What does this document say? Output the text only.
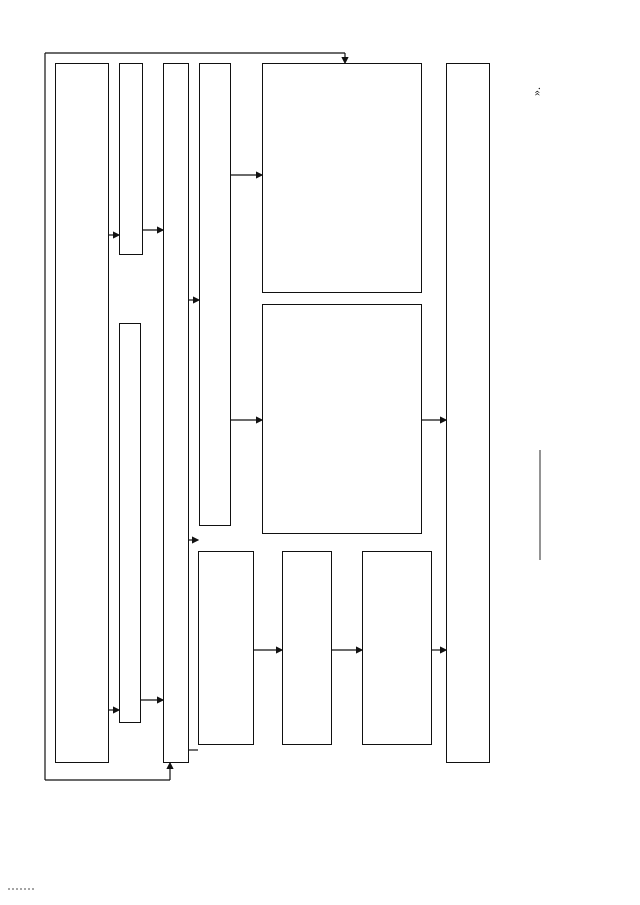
».
